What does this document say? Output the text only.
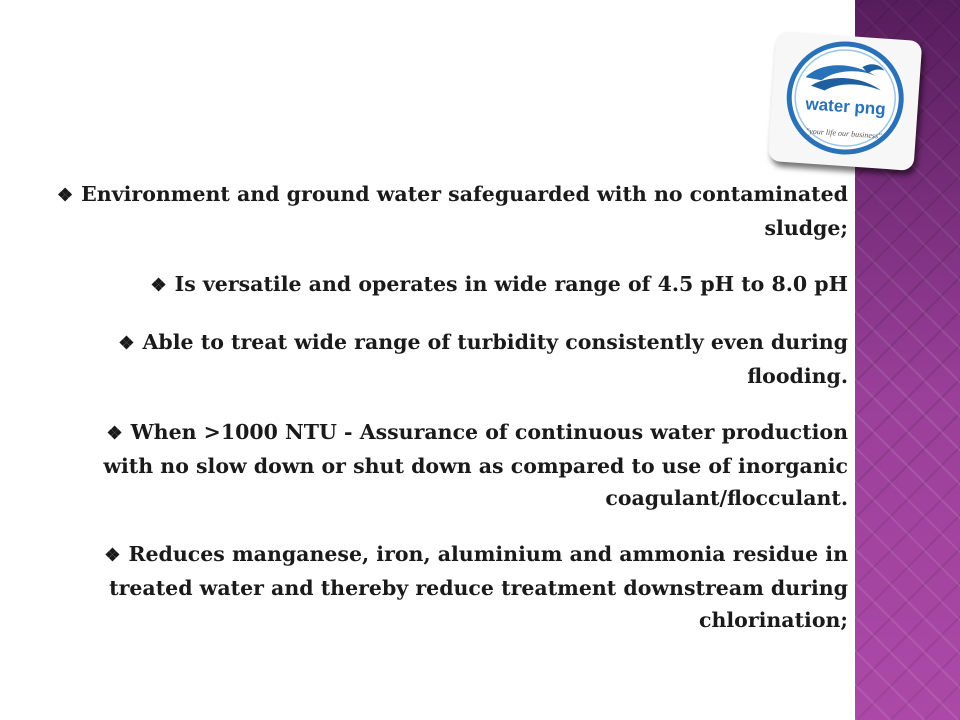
water png
"your life our business"
❖ Environment and ground water safeguarded with no contaminated sludge;
❖ Is versatile and operates in wide range of 4.5 pH to 8.0 pH
❖ Able to treat wide range of turbidity consistently even during flooding.
❖ When >1000 NTU - Assurance of continuous water production with no slow down or shut down as compared to use of inorganic coagulant/flocculant.
❖ Reduces manganese, iron, aluminium and ammonia residue in treated water and thereby reduce treatment downstream during chlorination;
